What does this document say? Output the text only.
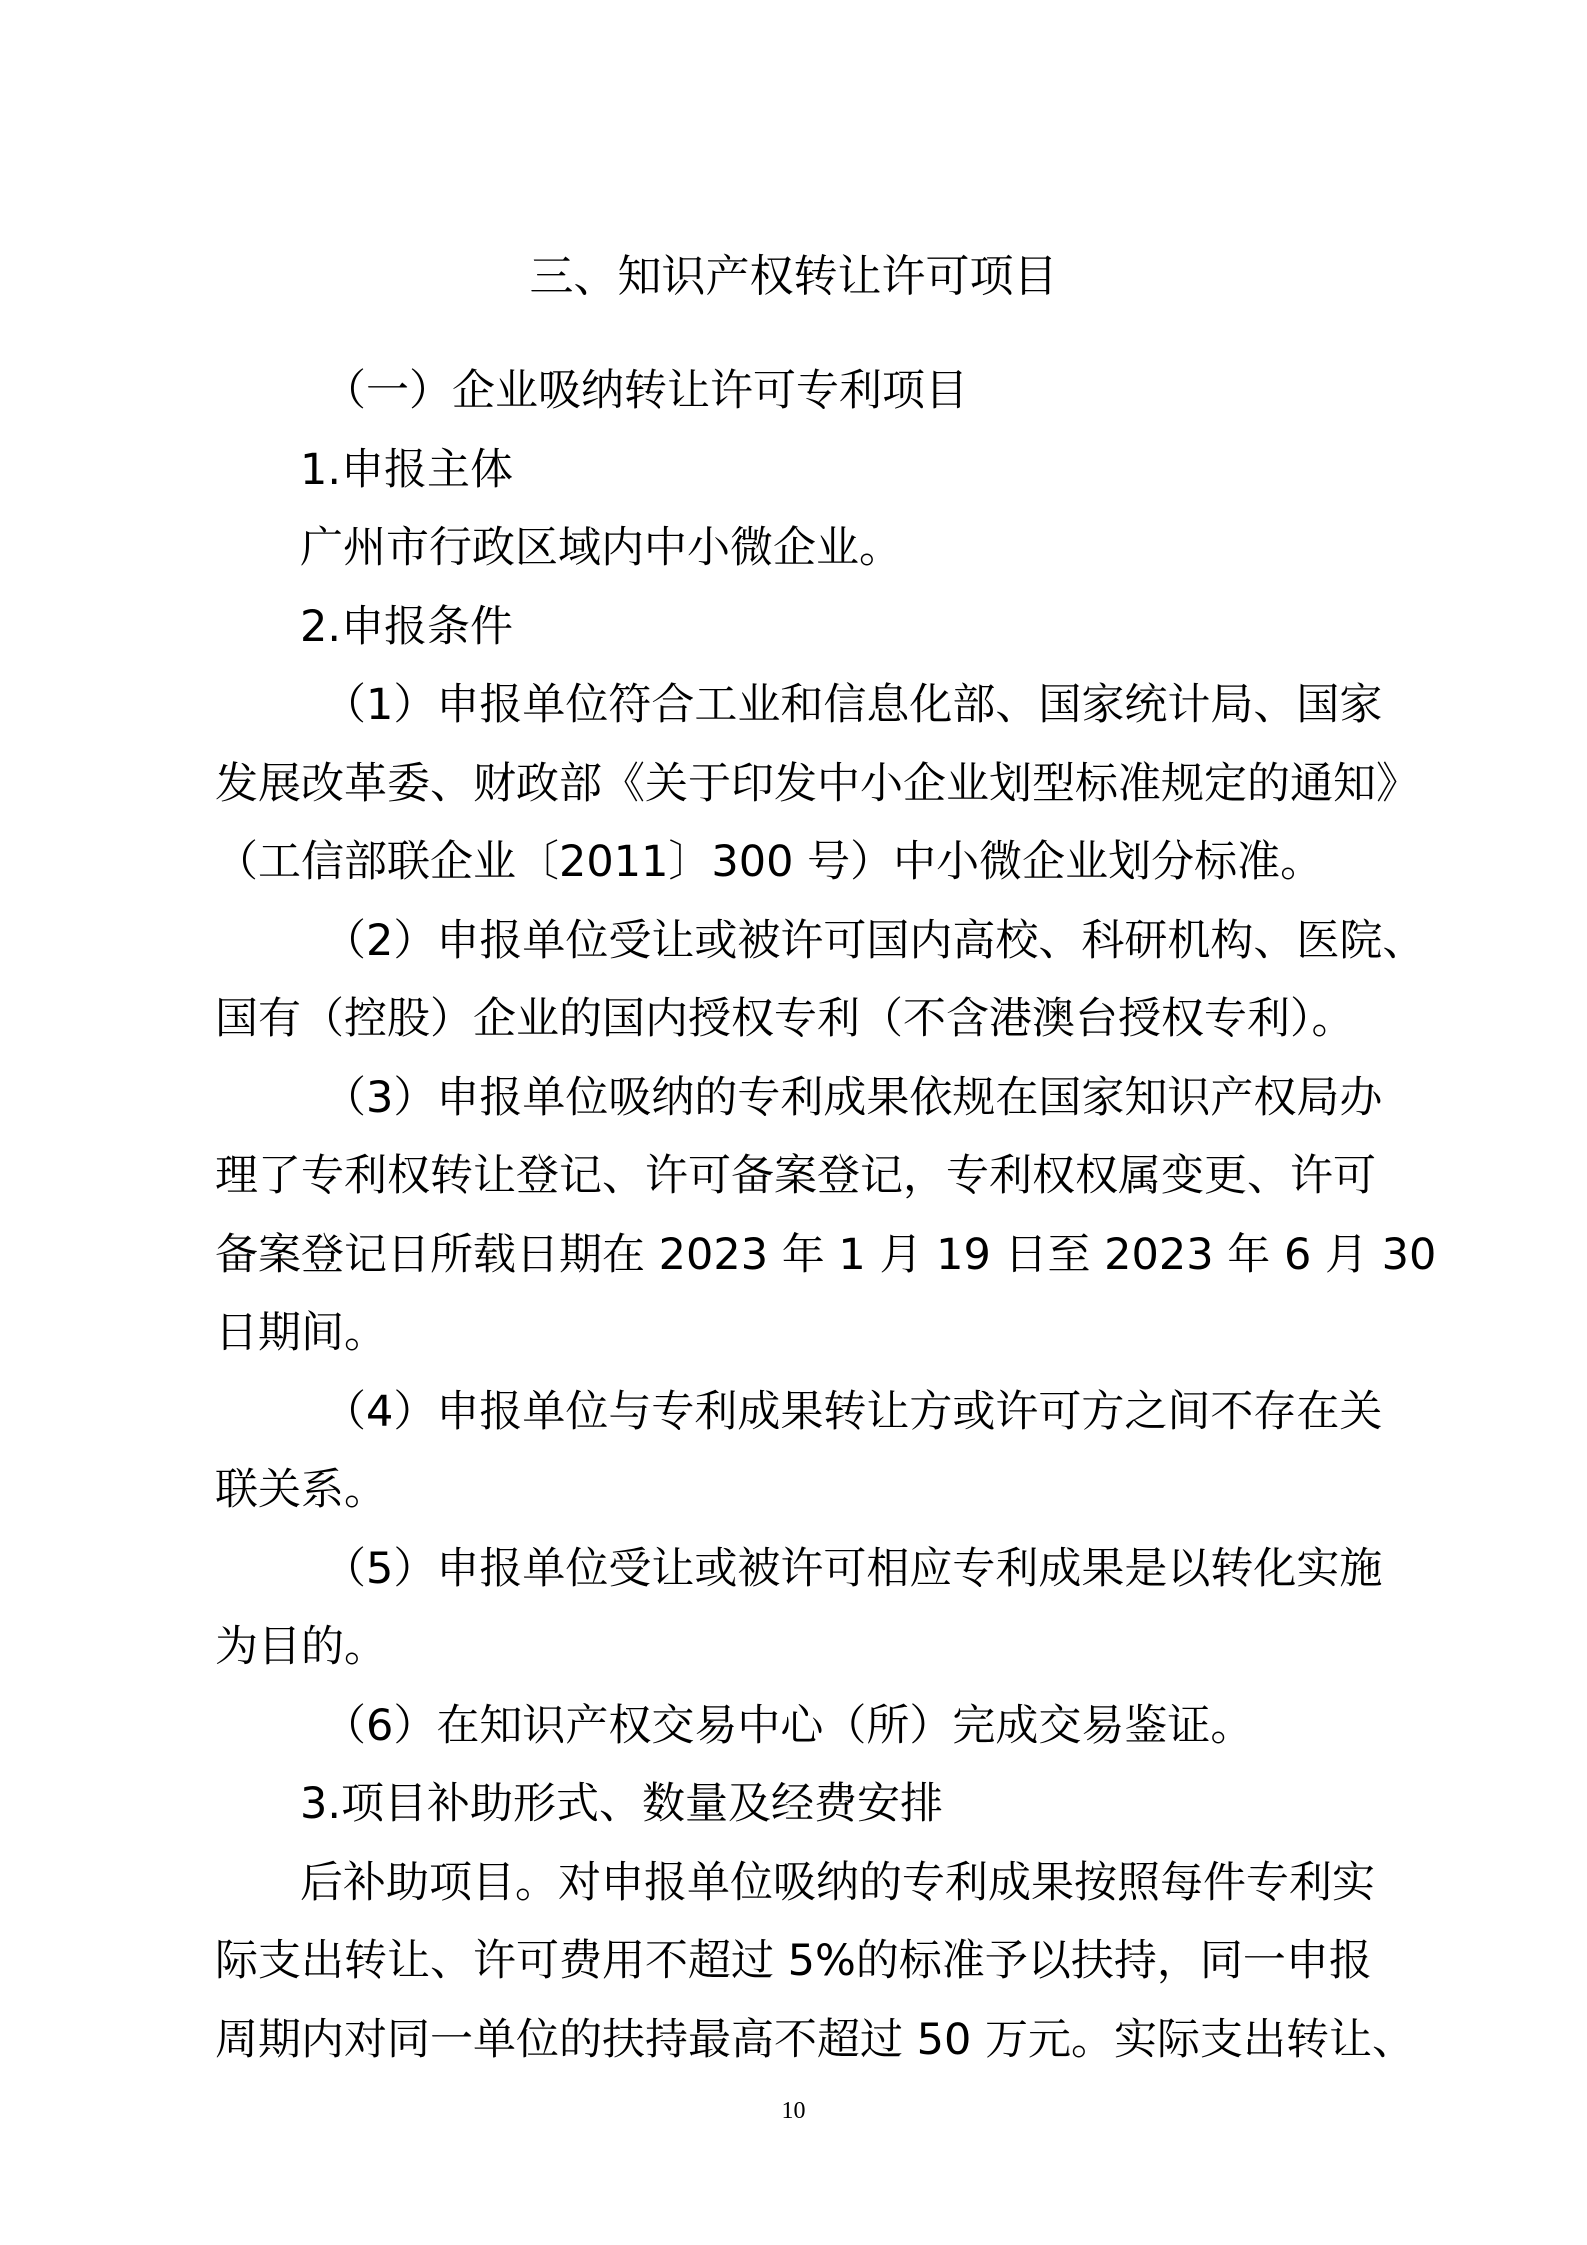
三、知识产权转让许可项目
（一）企业吸纳转让许可专利项目
1.申报主体
广州市行政区域内中小微企业。
2.申报条件
（1）申报单位符合工业和信息化部、国家统计局、国家
发展改革委、财政部《关于印发中小企业划型标准规定的通知》
（工信部联企业〔2011〕300 号）中小微企业划分标准。
（2）申报单位受让或被许可国内高校、科研机构、医院、
国有（控股）企业的国内授权专利（不含港澳台授权专利）。
（3）申报单位吸纳的专利成果依规在国家知识产权局办
理了专利权转让登记、许可备案登记，专利权权属变更、许可
备案登记日所载日期在 2023 年 1 月 19 日至 2023 年 6 月 30
日期间。
（4）申报单位与专利成果转让方或许可方之间不存在关
联关系。
（5）申报单位受让或被许可相应专利成果是以转化实施
为目的。
（6）在知识产权交易中心（所）完成交易鉴证。
3.项目补助形式、数量及经费安排
后补助项目。对申报单位吸纳的专利成果按照每件专利实
际支出转让、许可费用不超过 5%的标准予以扶持，同一申报
周期内对同一单位的扶持最高不超过 50 万元。实际支出转让、
10
